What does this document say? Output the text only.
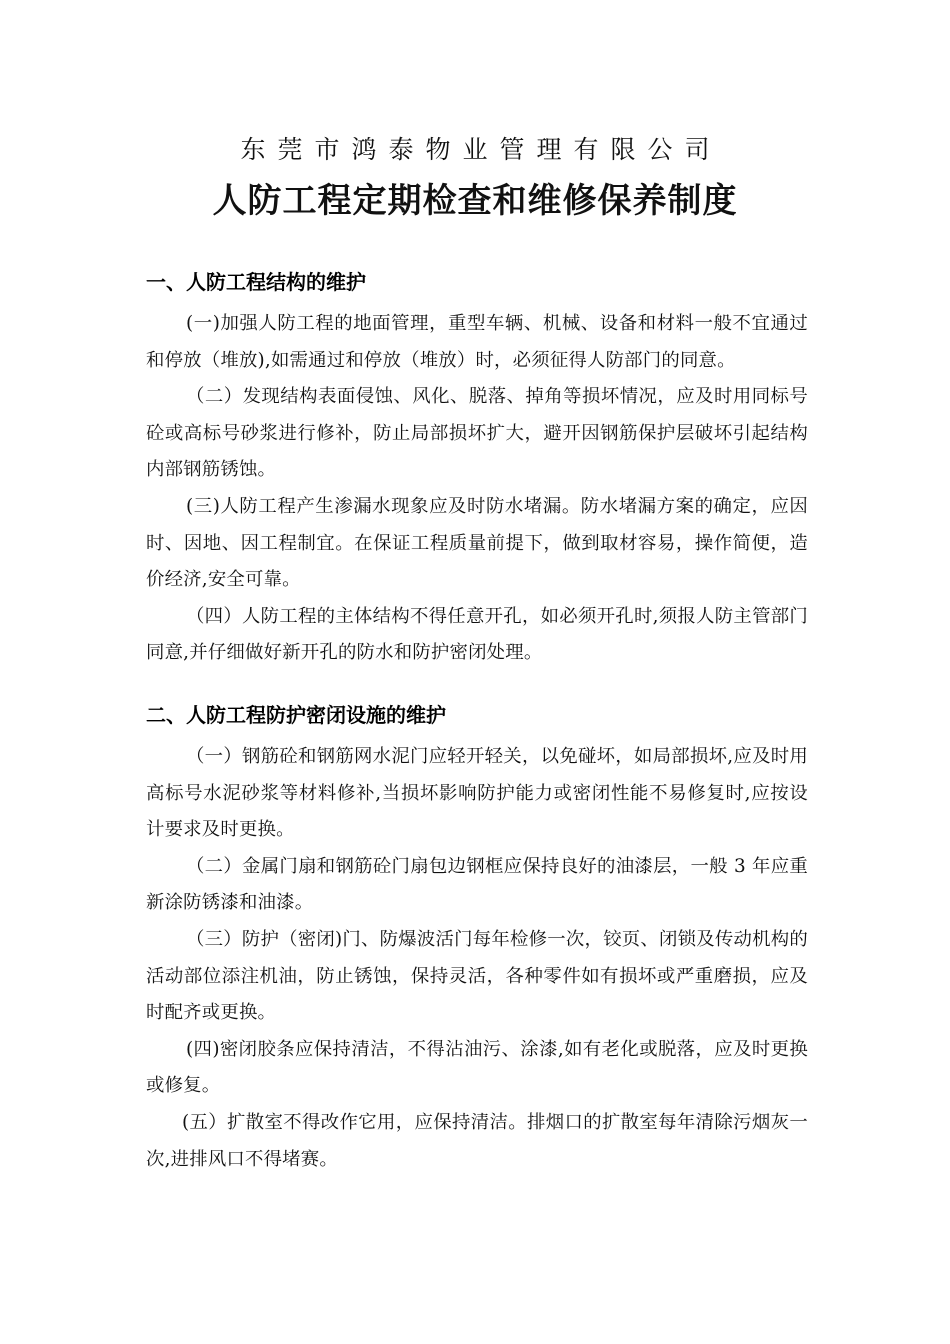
东莞市鸿泰物业管理有限公司
人防工程定期检查和维修保养制度
一、人防工程结构的维护

(一)加强人防工程的地面管理，重型车辆、机械、设备和材料一般不宜通过和停放（堆放),如需通过和停放（堆放）时，必须征得人防部门的同意。

（二）发现结构表面侵蚀、风化、脱落、掉角等损坏情况，应及时用同标号砼或高标号砂浆进行修补，防止局部损坏扩大，避开因钢筋保护层破坏引起结构内部钢筋锈蚀。

(三)人防工程产生渗漏水现象应及时防水堵漏。防水堵漏方案的确定，应因时、因地、因工程制宜。在保证工程质量前提下，做到取材容易，操作简便，造价经济,安全可靠。

（四）人防工程的主体结构不得任意开孔，如必须开孔时,须报人防主管部门同意,并仔细做好新开孔的防水和防护密闭处理。

二、人防工程防护密闭设施的维护

（一）钢筋砼和钢筋网水泥门应轻开轻关，以免碰坏，如局部损坏,应及时用高标号水泥砂浆等材料修补,当损坏影响防护能力或密闭性能不易修复时,应按设计要求及时更换。

（二）金属门扇和钢筋砼门扇包边钢框应保持良好的油漆层，一般 3 年应重新涂防锈漆和油漆。

（三）防护（密闭)门、防爆波活门每年检修一次，铰页、闭锁及传动机构的活动部位添注机油，防止锈蚀，保持灵活，各种零件如有损坏或严重磨损，应及时配齐或更换。

(四)密闭胶条应保持清洁，不得沾油污、涂漆,如有老化或脱落，应及时更换或修复。

(五）扩散室不得改作它用，应保持清洁。排烟口的扩散室每年清除污烟灰一次,进排风口不得堵赛。
